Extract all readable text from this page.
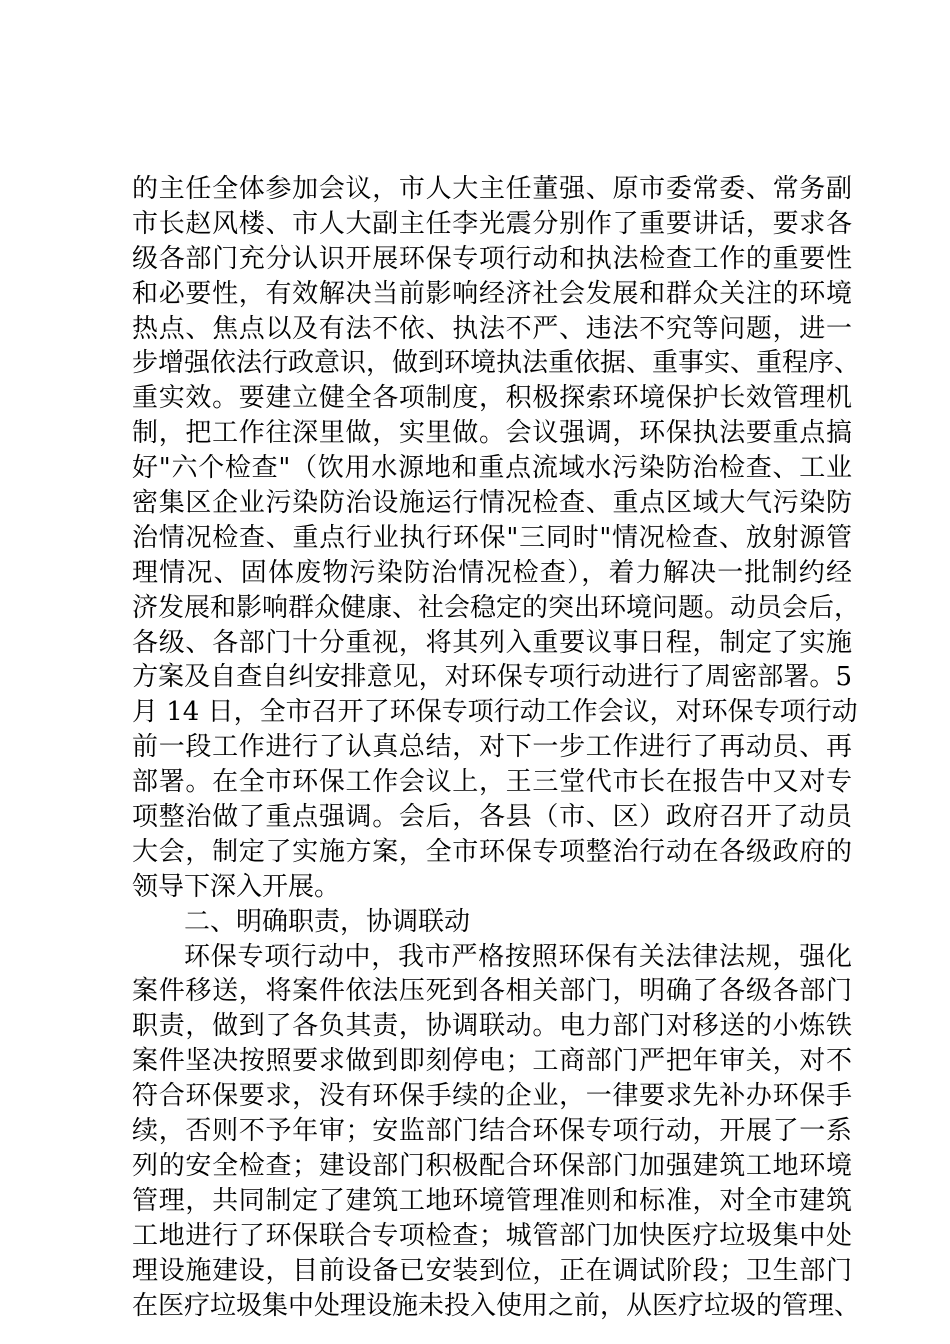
的主任全体参加会议，市人大主任董强、原市委常委、常务副
市长赵风楼、市人大副主任李光震分别作了重要讲话，要求各
级各部门充分认识开展环保专项行动和执法检查工作的重要性
和必要性，有效解决当前影响经济社会发展和群众关注的环境
热点、焦点以及有法不依、执法不严、违法不究等问题，进一
步增强依法行政意识，做到环境执法重依据、重事实、重程序、
重实效。要建立健全各项制度，积极探索环境保护长效管理机
制，把工作往深里做，实里做。会议强调，环保执法要重点搞
好"六个检查"（饮用水源地和重点流域水污染防治检查、工业
密集区企业污染防治设施运行情况检查、重点区域大气污染防
治情况检查、重点行业执行环保"三同时"情况检查、放射源管
理情况、固体废物污染防治情况检查），着力解决一批制约经
济发展和影响群众健康、社会稳定的突出环境问题。动员会后，
各级、各部门十分重视，将其列入重要议事日程，制定了实施
方案及自查自纠安排意见，对环保专项行动进行了周密部署。5
月 14 日，全市召开了环保专项行动工作会议，对环保专项行动
前一段工作进行了认真总结，对下一步工作进行了再动员、再
部署。在全市环保工作会议上，王三堂代市长在报告中又对专
项整治做了重点强调。会后，各县（市、区）政府召开了动员
大会，制定了实施方案，全市环保专项整治行动在各级政府的
领导下深入开展。
二、明确职责，协调联动
环保专项行动中，我市严格按照环保有关法律法规，强化
案件移送，将案件依法压死到各相关部门，明确了各级各部门
职责，做到了各负其责，协调联动。电力部门对移送的小炼铁
案件坚决按照要求做到即刻停电；工商部门严把年审关，对不
符合环保要求，没有环保手续的企业，一律要求先补办环保手
续，否则不予年审；安监部门结合环保专项行动，开展了一系
列的安全检查；建设部门积极配合环保部门加强建筑工地环境
管理，共同制定了建筑工地环境管理准则和标准，对全市建筑
工地进行了环保联合专项检查；城管部门加快医疗垃圾集中处
理设施建设，目前设备已安装到位，正在调试阶段；卫生部门
在医疗垃圾集中处理设施未投入使用之前，从医疗垃圾的管理、
